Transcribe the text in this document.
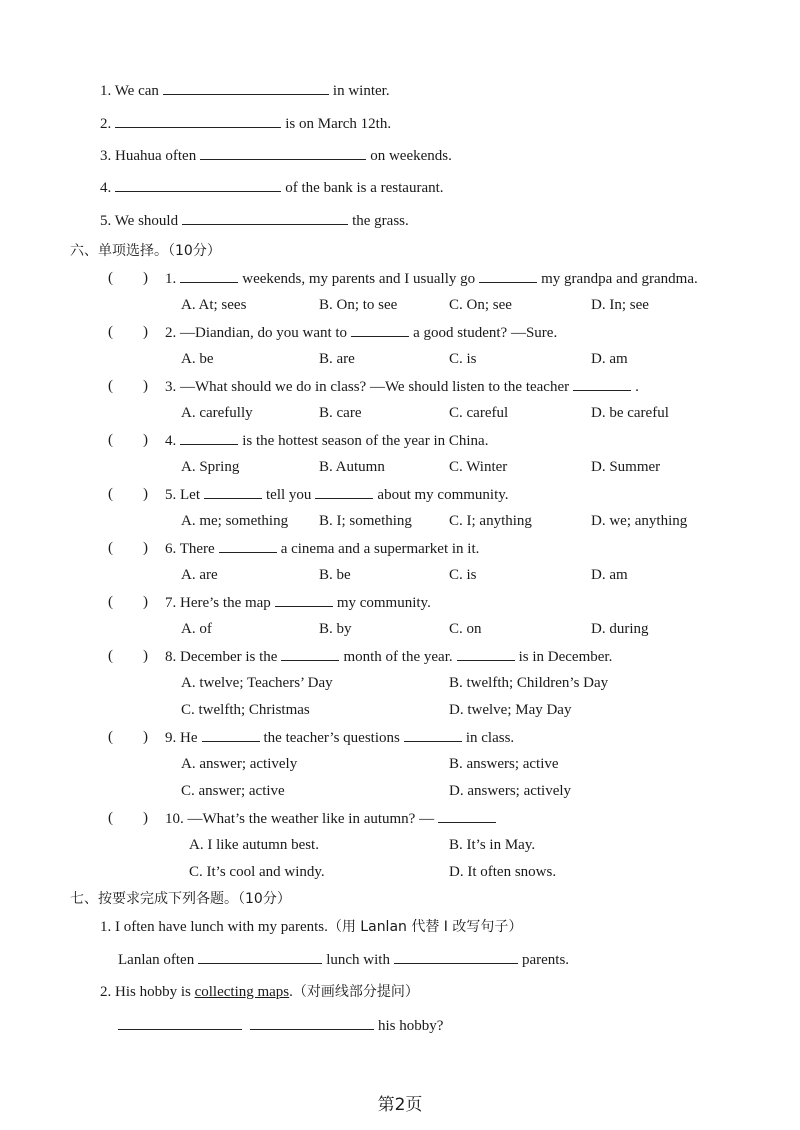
1. We can	in winter.
2.	is on March 12th.
3. Huahua often	on weekends.
4.	of the bank is a restaurant.
5. We should	the grass.
六、单项选择。（10分）
( ) 1.	weekends, my parents and I usually go	my grandpa and grandma.
A. At; sees	B. On; to see	C. On; see	D. In; see
( ) 2. —Diandian, do you want to	a good student? —Sure.
A. be	B. are	C. is	D. am
( ) 3. —What should we do in class? —We should listen to the teacher	.
A. carefully	B. care	C. careful	D. be careful
( ) 4.	is the hottest season of the year in China.
A. Spring	B. Autumn	C. Winter	D. Summer
( ) 5. Let	tell you	about my community.
A. me; something B. I; something C. I; anything	D. we; anything
( ) 6. There	a cinema and a supermarket in it.
A. are	B. be	C. is	D. am
( ) 7. Here’s the map	my community.
A. of	B. by	C. on	D. during
( ) 8. December is the	month of the year.	is in December.
A. twelve; Teachers’ Day	B. twelfth; Children’s Day
C. twelfth; Christmas	D. twelve; May Day
( ) 9. He	the teacher’s questions	in class.
A. answer; actively	B. answers; active
C. answer; active	D. answers; actively
( ) 10. —What’s the weather like in autumn? —
A. I like autumn best.	B. It’s in May.
C. It’s cool and windy.	D. It often snows.
七、按要求完成下列各题。（10分）
1. I often have lunch with my parents.（用 Lanlan 代替 I 改写句子）
Lanlan often	lunch with	parents.
2. His hobby is collecting maps.（对画线部分提问）
his hobby?
第2页
